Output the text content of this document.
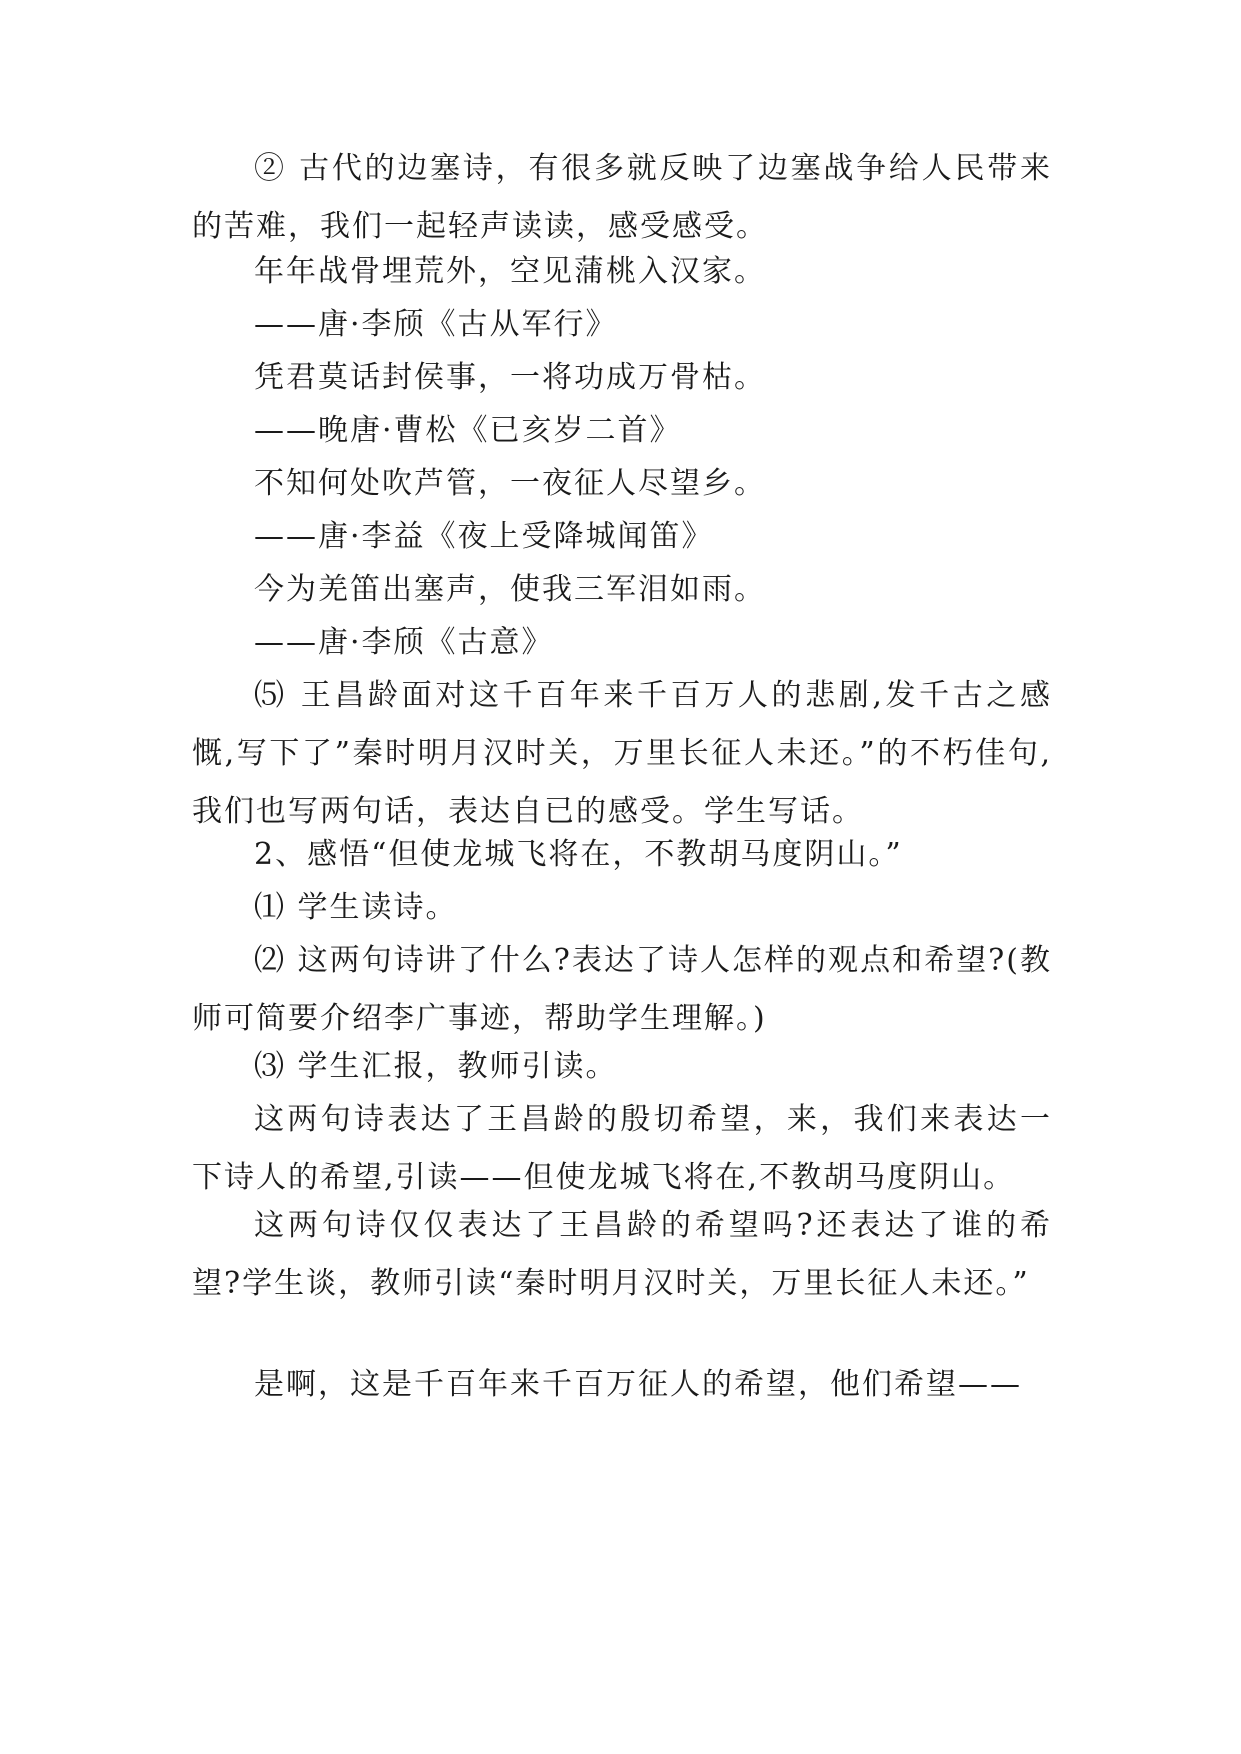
② 古代的边塞诗，有很多就反映了边塞战争给人民带来的苦难，我们一起轻声读读，感受感受。

年年战骨埋荒外，空见蒲桃入汉家。

——唐·李颀《古从军行》

凭君莫话封侯事，一将功成万骨枯。

——晚唐·曹松《已亥岁二首》

不知何处吹芦管，一夜征人尽望乡。

——唐·李益《夜上受降城闻笛》

今为羌笛出塞声，使我三军泪如雨。

——唐·李颀《古意》

⑸ 王昌龄面对这千百年来千百万人的悲剧,发千古之感慨,写下了”秦时明月汉时关，万里长征人未还。”的不朽佳句,我们也写两句话，表达自已的感受。学生写话。

2、感悟“但使龙城飞将在，不教胡马度阴山。”

⑴ 学生读诗。

⑵ 这两句诗讲了什么?表达了诗人怎样的观点和希望?(教师可简要介绍李广事迹，帮助学生理解。)

⑶ 学生汇报，教师引读。

这两句诗表达了王昌龄的殷切希望，来，我们来表达一下诗人的希望,引读——但使龙城飞将在,不教胡马度阴山。

这两句诗仅仅表达了王昌龄的希望吗?还表达了谁的希望?学生谈，教师引读“秦时明月汉时关，万里长征人未还。”

是啊，这是千百年来千百万征人的希望，他们希望——
